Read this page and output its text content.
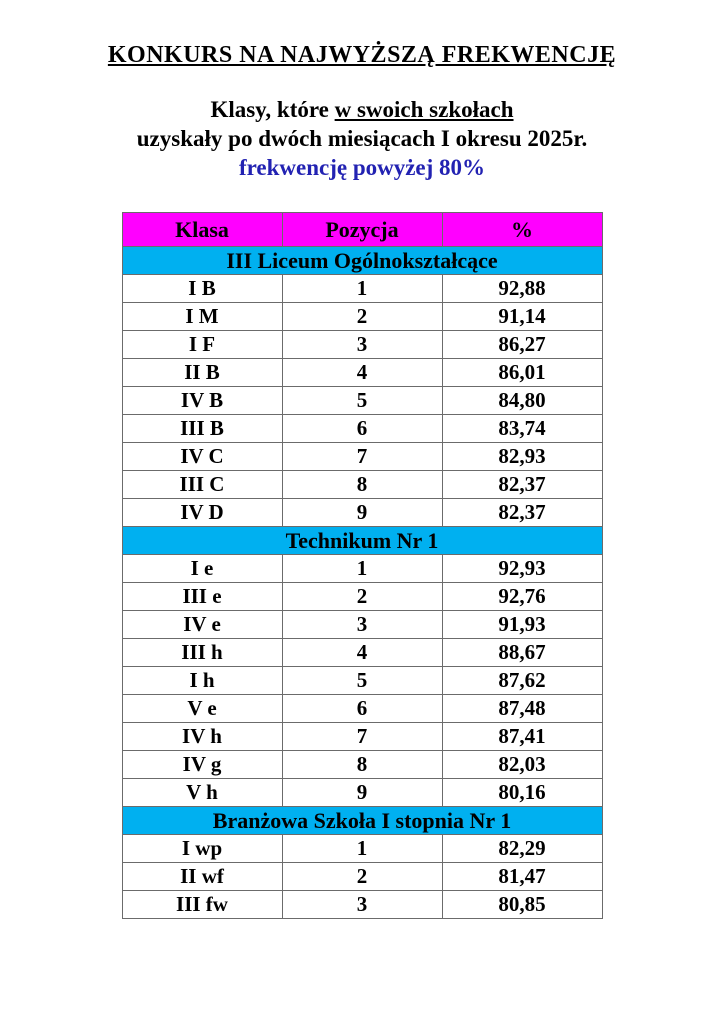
KONKURS NA NAJWYŻSZĄ FREKWENCJĘ

Klasy, które w swoich szkołach
uzyskały po dwóch miesiącach I okresu 2025r.
frekwencję powyżej 80%

Klasa	Pozycja	%
III Liceum Ogólnokształcące		
I B	1	92,88
I M	2	91,14
I F	3	86,27
II B	4	86,01
IV B	5	84,80
III B	6	83,74
IV C	7	82,93
III C	8	82,37
IV D	9	82,37
Technikum Nr 1		
I e	1	92,93
III e	2	92,76
IV e	3	91,93
III h	4	88,67
I h	5	87,62
V e	6	87,48
IV h	7	87,41
IV g	8	82,03
V h	9	80,16
Branżowa Szkoła I stopnia Nr 1		
I wp	1	82,29
II wf	2	81,47
III fw	3	80,85
